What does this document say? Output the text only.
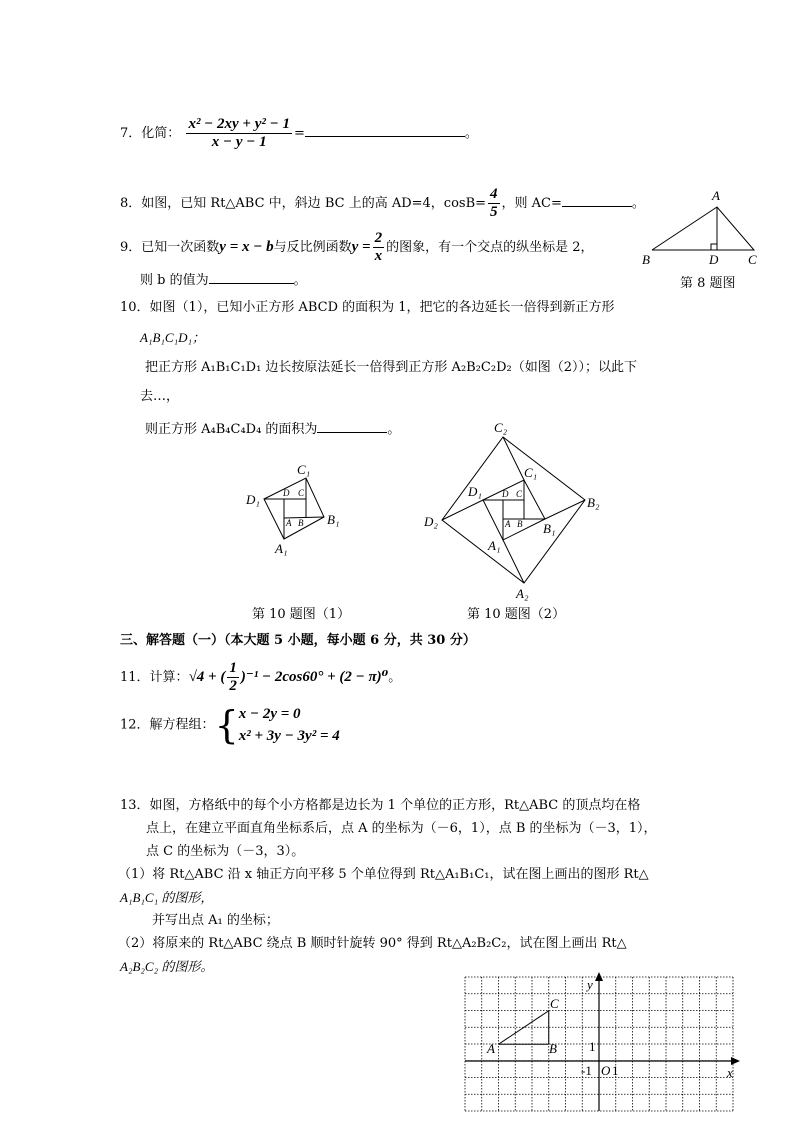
7．化简： $\frac{\text{x² − 2xy + y² − 1}}{x - y - 1}$ =	。
8．如图，已知 Rt△ABC 中，斜边 BC 上的高 AD=4，$\cos B= \frac{4}{5}$ ，则 AC=	。
A
B	D C
第 8 题图
9．已知一次函数y = x − b与反比例函数$y = \frac{2}{x}$ 的图象，有一个交点的纵坐标是 2，
则 b 的值为	。
10．如图（1），已知小正方形 ABCD 的面积为 1，把它的各边延长一倍得到新正方形
A₁B₁C₁D₁；
把正方形 A₁B₁C₁D₁ 边长按原法延长一倍得到正方形 A₂B₂C₂D₂（如图（2））；以此下
去…，
则正方形 A₄B₄C₄D₄ 的面积为	。
C₁
D₁
B₁
A₁
D C
A B
第 10 题图（1）
C₂
B₂
A₂
D₂
C₁
D₁
B₁
A₁
D C
A B
第 10 题图（2）
三、解答题（一）（本大题 5 小题，每小题 6 分，共 30 分）
11．计算：√4 + ( $\frac{1}{2} )^{-1} - 2\cos 60^\circ + (2 - \pi)^0$。
12．解方程组：{ x − 2y = 0
x² + 3y − 3y² = 4
13．如图，方格纸中的每个小方格都是边长为 1 个单位的正方形，Rt△ABC 的顶点均在格
点上，在建立平面直角坐标系后，点 A 的坐标为（－6，1），点 B 的坐标为（－3，1），
点 C 的坐标为（－3，3）。
（1）将 Rt△ABC 沿 x 轴正方向平移 5 个单位得到 Rt△A₁B₁C₁，试在图上画出的图形 Rt△
A₁B₁C₁ 的图形，
并写出点 A₁ 的坐标；
（2）将原来的 Rt△ABC 绕点 B 顺时针旋转 90° 得到 Rt△A₂B₂C₂，试在图上画出 Rt△
A₂B₂C₂ 的图形。
y
x
O
1
-1 1
A	B
C
